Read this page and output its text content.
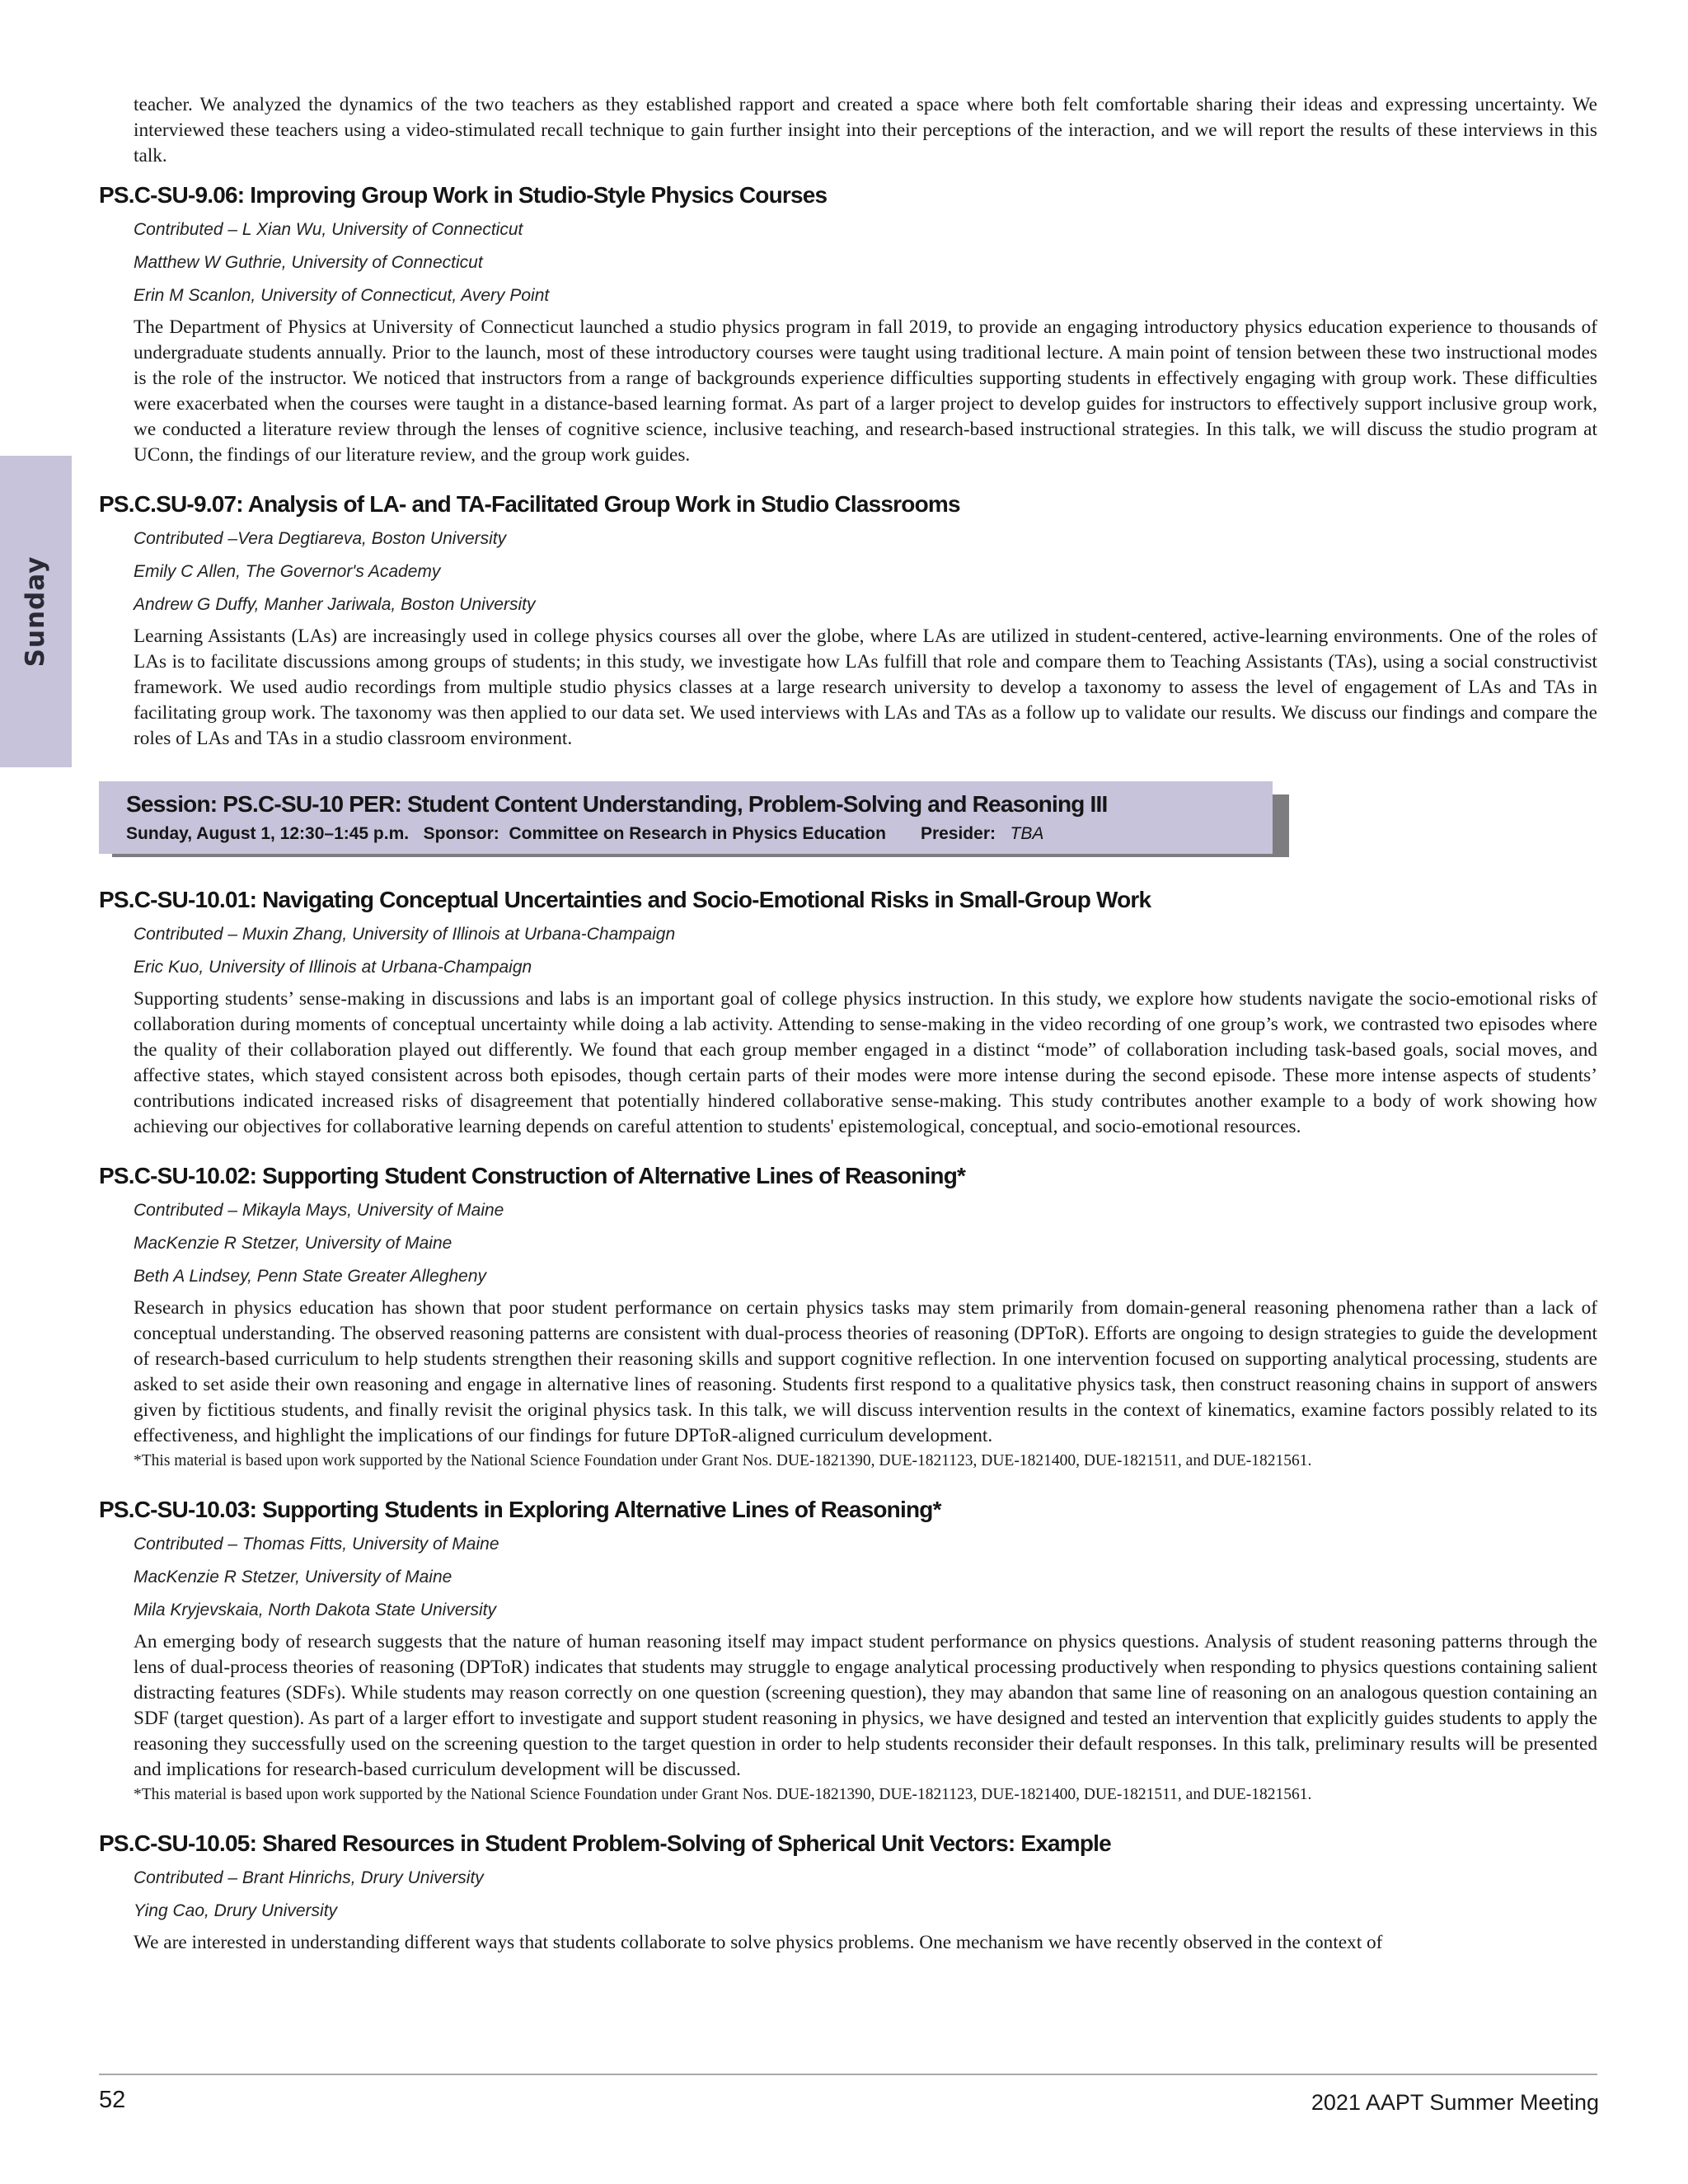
Sunday

teacher. We analyzed the dynamics of the two teachers as they established rapport and created a space where both felt comfortable sharing their ideas and expressing uncertainty. We interviewed these teachers using a video-stimulated recall technique to gain further insight into their perceptions of the interaction, and we will report the results of these interviews in this talk.

PS.C-SU-9.06: Improving Group Work in Studio-Style Physics Courses
Contributed – L Xian Wu, University of Connecticut
Matthew W Guthrie, University of Connecticut
Erin M Scanlon, University of Connecticut, Avery Point

The Department of Physics at University of Connecticut launched a studio physics program in fall 2019, to provide an engaging introductory physics education experience to thousands of undergraduate students annually. Prior to the launch, most of these introductory courses were taught using traditional lecture. A main point of tension between these two instructional modes is the role of the instructor. We noticed that instructors from a range of backgrounds experience difficulties supporting students in effectively engaging with group work. These difficulties were exacerbated when the courses were taught in a distance-based learning format. As part of a larger project to develop guides for instructors to effectively support inclusive group work, we conducted a literature review through the lenses of cognitive science, inclusive teaching, and research-based instructional strategies. In this talk, we will discuss the studio program at UConn, the findings of our literature review, and the group work guides.

PS.C.SU-9.07: Analysis of LA- and TA-Facilitated Group Work in Studio Classrooms
Contributed –Vera Degtiareva, Boston University
Emily C Allen, The Governor's Academy
Andrew G Duffy, Manher Jariwala, Boston University

Learning Assistants (LAs) are increasingly used in college physics courses all over the globe, where LAs are utilized in student-centered, active-learning environments. One of the roles of LAs is to facilitate discussions among groups of students; in this study, we investigate how LAs fulfill that role and compare them to Teaching Assistants (TAs), using a social constructivist framework. We used audio recordings from multiple studio physics classes at a large research university to develop a taxonomy to assess the level of engagement of LAs and TAs in facilitating group work. The taxonomy was then applied to our data set. We used interviews with LAs and TAs as a follow up to validate our results. We discuss our findings and compare the roles of LAs and TAs in a studio classroom environment.

Session: PS.C-SU-10 PER: Student Content Understanding, Problem-Solving and Reasoning III
Sunday, August 1, 12:30–1:45 p.m. Sponsor: Committee on Research in Physics Education Presider: TBA
PS.C-SU-10.01: Navigating Conceptual Uncertainties and Socio-Emotional Risks in Small-Group Work
Contributed – Muxin Zhang, University of Illinois at Urbana-Champaign
Eric Kuo, University of Illinois at Urbana-Champaign

Supporting students’ sense-making in discussions and labs is an important goal of college physics instruction. In this study, we explore how students navigate the socio-emotional risks of collaboration during moments of conceptual uncertainty while doing a lab activity. Attending to sense-making in the video recording of one group’s work, we contrasted two episodes where the quality of their collaboration played out differently. We found that each group member engaged in a distinct “mode” of collaboration including task-based goals, social moves, and affective states, which stayed consistent across both episodes, though certain parts of their modes were more intense during the second episode. These more intense aspects of students’ contributions indicated increased risks of disagreement that potentially hindered collaborative sense-making. This study contributes another example to a body of work showing how achieving our objectives for collaborative learning depends on careful attention to students' epistemological, conceptual, and socio-emotional resources.

PS.C-SU-10.02: Supporting Student Construction of Alternative Lines of Reasoning*
Contributed – Mikayla Mays, University of Maine
MacKenzie R Stetzer, University of Maine
Beth A Lindsey, Penn State Greater Allegheny

Research in physics education has shown that poor student performance on certain physics tasks may stem primarily from domain-general reasoning phenomena rather than a lack of conceptual understanding. The observed reasoning patterns are consistent with dual-process theories of reasoning (DPToR). Efforts are ongoing to design strategies to guide the development of research-based curriculum to help students strengthen their reasoning skills and support cognitive reflection. In one intervention focused on supporting analytical processing, students are asked to set aside their own reasoning and engage in alternative lines of reasoning. Students first respond to a qualitative physics task, then construct reasoning chains in support of answers given by fictitious students, and finally revisit the original physics task. In this talk, we will discuss intervention results in the context of kinematics, examine factors possibly related to its effectiveness, and highlight the implications of our findings for future DPToR-aligned curriculum development.

*This material is based upon work supported by the National Science Foundation under Grant Nos. DUE-1821390, DUE-1821123, DUE-1821400, DUE-1821511, and DUE-1821561.
PS.C-SU-10.03: Supporting Students in Exploring Alternative Lines of Reasoning*
Contributed – Thomas Fitts, University of Maine
MacKenzie R Stetzer, University of Maine
Mila Kryjevskaia, North Dakota State University

An emerging body of research suggests that the nature of human reasoning itself may impact student performance on physics questions. Analysis of student reasoning patterns through the lens of dual-process theories of reasoning (DPToR) indicates that students may struggle to engage analytical processing productively when responding to physics questions containing salient distracting features (SDFs). While students may reason correctly on one question (screening question), they may abandon that same line of reasoning on an analogous question containing an SDF (target question). As part of a larger effort to investigate and support student reasoning in physics, we have designed and tested an intervention that explicitly guides students to apply the reasoning they successfully used on the screening question to the target question in order to help students reconsider their default responses. In this talk, preliminary results will be presented and implications for research-based curriculum development will be discussed.

*This material is based upon work supported by the National Science Foundation under Grant Nos. DUE-1821390, DUE-1821123, DUE-1821400, DUE-1821511, and DUE-1821561.
PS.C-SU-10.05: Shared Resources in Student Problem-Solving of Spherical Unit Vectors: Example
Contributed – Brant Hinrichs, Drury University
Ying Cao, Drury University

We are interested in understanding different ways that students collaborate to solve physics problems. One mechanism we have recently observed in the context of

52	2021 AAPT Summer Meeting
